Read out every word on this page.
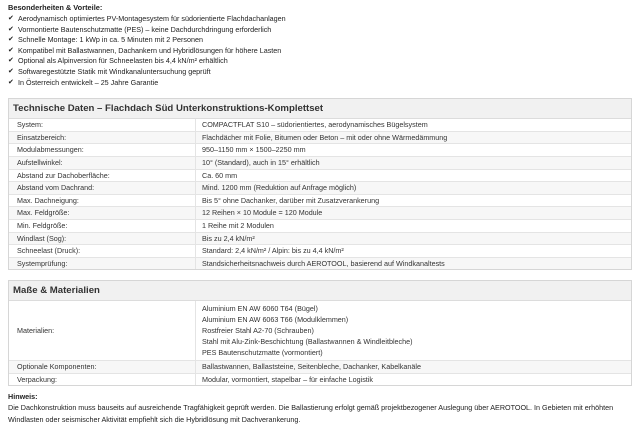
Besonderheiten & Vorteile:
✔ Aerodynamisch optimiertes PV-Montagesystem für südorientierte Flachdachanlagen
✔ Vormontierte Bautenschutzmatte (PES) – keine Dachdurchdringung erforderlich
✔ Schnelle Montage: 1 kWp in ca. 5 Minuten mit 2 Personen
✔ Kompatibel mit Ballastwannen, Dachankern und Hybridlösungen für höhere Lasten
✔ Optional als Alpinversion für Schneelasten bis 4,4 kN/m² erhältlich
✔ Softwaregestützte Statik mit Windkanaluntersuchung geprüft
✔ In Österreich entwickelt – 25 Jahre Garantie
Technische Daten – Flachdach Süd Unterkonstruktions-Komplettset
System:	COMPACTFLAT S10 – südorientiertes, aerodynamisches Bügelsystem
Einsatzbereich:	Flachdächer mit Folie, Bitumen oder Beton – mit oder ohne Wärmedämmung
Modulabmessungen:	950–1150 mm × 1500–2250 mm
Aufstellwinkel:	10° (Standard), auch in 15° erhältlich
Abstand zur Dachoberfläche:	Ca. 60 mm
Abstand vom Dachrand:	Mind. 1200 mm (Reduktion auf Anfrage möglich)
Max. Dachneigung:	Bis 5° ohne Dachanker, darüber mit Zusatzverankerung
Max. Feldgröße:	12 Reihen × 10 Module = 120 Module
Min. Feldgröße:	1 Reihe mit 2 Modulen
Windlast (Sog):	Bis zu 2,4 kN/m²
Schneelast (Druck):	Standard: 2,4 kN/m² / Alpin: bis zu 4,4 kN/m²
Systemprüfung:	Standsicherheitsnachweis durch AEROTOOL, basierend auf Windkanaltests
Maße & Materialien
Materialien:	Aluminium EN AW 6060 T64 (Bügel)
Aluminium EN AW 6063 T66 (Modulklemmen)
Rostfreier Stahl A2-70 (Schrauben)
Stahl mit Alu-Zink-Beschichtung (Ballastwannen & Windleitbleche)
PES Bautenschutzmatte (vormontiert)

Optionale Komponenten:	Ballastwannen, Ballaststeine, Seitenbleche, Dachanker, Kabelkanäle
Verpackung:	Modular, vormontiert, stapelbar – für einfache Logistik
Hinweis:
Die Dachkonstruktion muss bauseits auf ausreichende Tragfähigkeit geprüft werden. Die Ballastierung erfolgt gemäß projektbezogener Auslegung über AEROTOOL. In Gebieten mit erhöhten Windlasten oder seismischer Aktivität empfiehlt sich die Hybridlösung mit Dachverankerung.
